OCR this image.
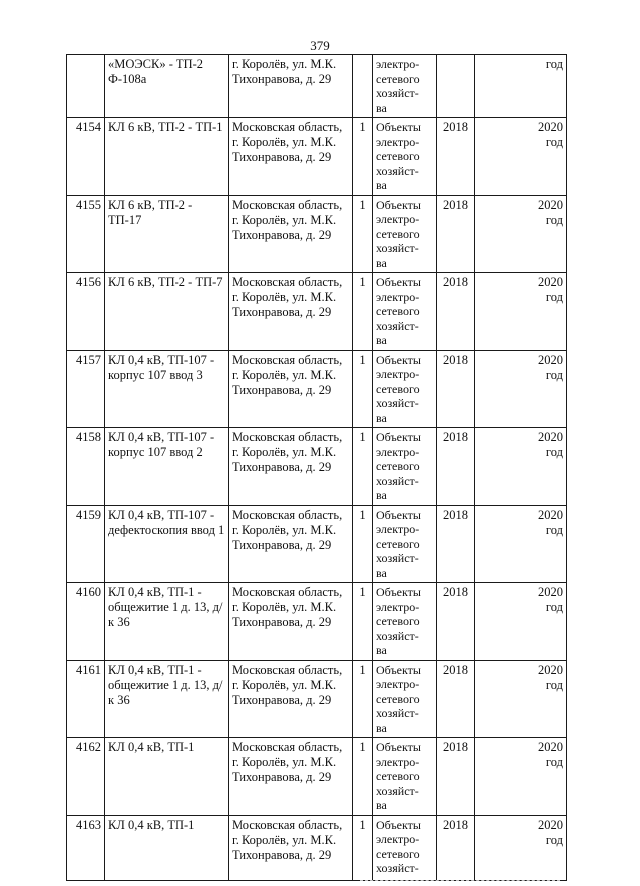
379

	«МОЭСК» - ТП-2
Ф-108а	г. Королёв, ул. М.К.
Тихонравова, д. 29		электро-
сетевого
хозяйст-
ва		год

4154	КЛ 6 кВ, ТП-2 - ТП-1	Московская область, г. Королёв, ул. М.К. Тихонравова, д. 29	1	Объекты
электро-
сетевого
хозяйст-
ва	2018	2020
год

4155	КЛ 6 кВ, ТП-2 - ТП-17	Московская область, г. Королёв, ул. М.К. Тихонравова, д. 29	1	Объекты
электро-
сетевого
хозяйст-
ва	2018	2020
год

4156	КЛ 6 кВ, ТП-2 - ТП-7	Московская область, г. Королёв, ул. М.К. Тихонравова, д. 29	1	Объекты
электро-
сетевого
хозяйст-
ва	2018	2020
год

4157	КЛ 0,4 кВ, ТП-107 - корпус 107 ввод 3	Московская область, г. Королёв, ул. М.К. Тихонравова, д. 29	1	Объекты
электро-
сетевого
хозяйст-
ва	2018	2020
год

4158	КЛ 0,4 кВ, ТП-107 - корпус 107 ввод 2	Московская область, г. Королёв, ул. М.К. Тихонравова, д. 29	1	Объекты
электро-
сетевого
хозяйст-
ва	2018	2020
год

4159	КЛ 0,4 кВ, ТП-107 - дефектоскопия ввод 1	Московская область, г. Королёв, ул. М.К. Тихонравова, д. 29	1	Объекты
электро-
сетевого
хозяйст-
ва	2018	2020
год

4160	КЛ 0,4 кВ, ТП-1 - общежитие 1 д. 13, д/к 36	Московская область, г. Королёв, ул. М.К. Тихонравова, д. 29	1	Объекты
электро-
сетевого
хозяйст-
ва	2018	2020
год

4161	КЛ 0,4 кВ, ТП-1 - общежитие 1 д. 13, д/к 36	Московская область, г. Королёв, ул. М.К. Тихонравова, д. 29	1	Объекты
электро-
сетевого
хозяйст-
ва	2018	2020
год

4162	КЛ 0,4 кВ, ТП-1	Московская область, г. Королёв, ул. М.К. Тихонравова, д. 29	1	Объекты
электро-
сетевого
хозяйст-
ва	2018	2020
год

4163	КЛ 0,4 кВ, ТП-1	Московская область, г. Королёв, ул. М.К. Тихонравова, д. 29	1	Объекты
электро-
сетевого
хозяйст-	2018	2020
год
